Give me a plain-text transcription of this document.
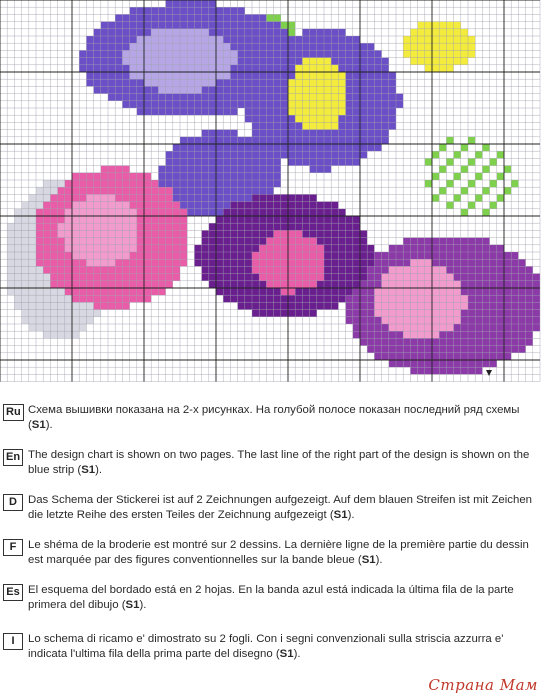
Ru Схема вышивки показана на 2-х рисунках. На голубой полосе показан последний ряд схемы (S1).
En The design chart is shown on two pages. The last line of the right part of the design is shown on the blue strip (S1).
D Das Schema der Stickerei ist auf 2 Zeichnungen aufgezeigt. Auf dem blauen Streifen ist mit Zeichen die letzte Reihe des ersten Teiles der Zeichnung aufgezeigt (S1).
F	Le shéma de la broderie est montré sur 2 dessins. La dernière ligne de la première partie du dessin est marquée par des figures conventionnelles sur la bande bleue (S1).
Es El esquema del bordado está en 2 hojas. En la banda azul está indicada la última fila de la parte primera del dibujo (S1).
I	Lo schema di ricamo e' dimostrato su 2 fogli. Con i segni convenzionali sulla striscia azzurra e' indicata l'ultima fila della prima parte del disegno (S1).
Страна Мам
